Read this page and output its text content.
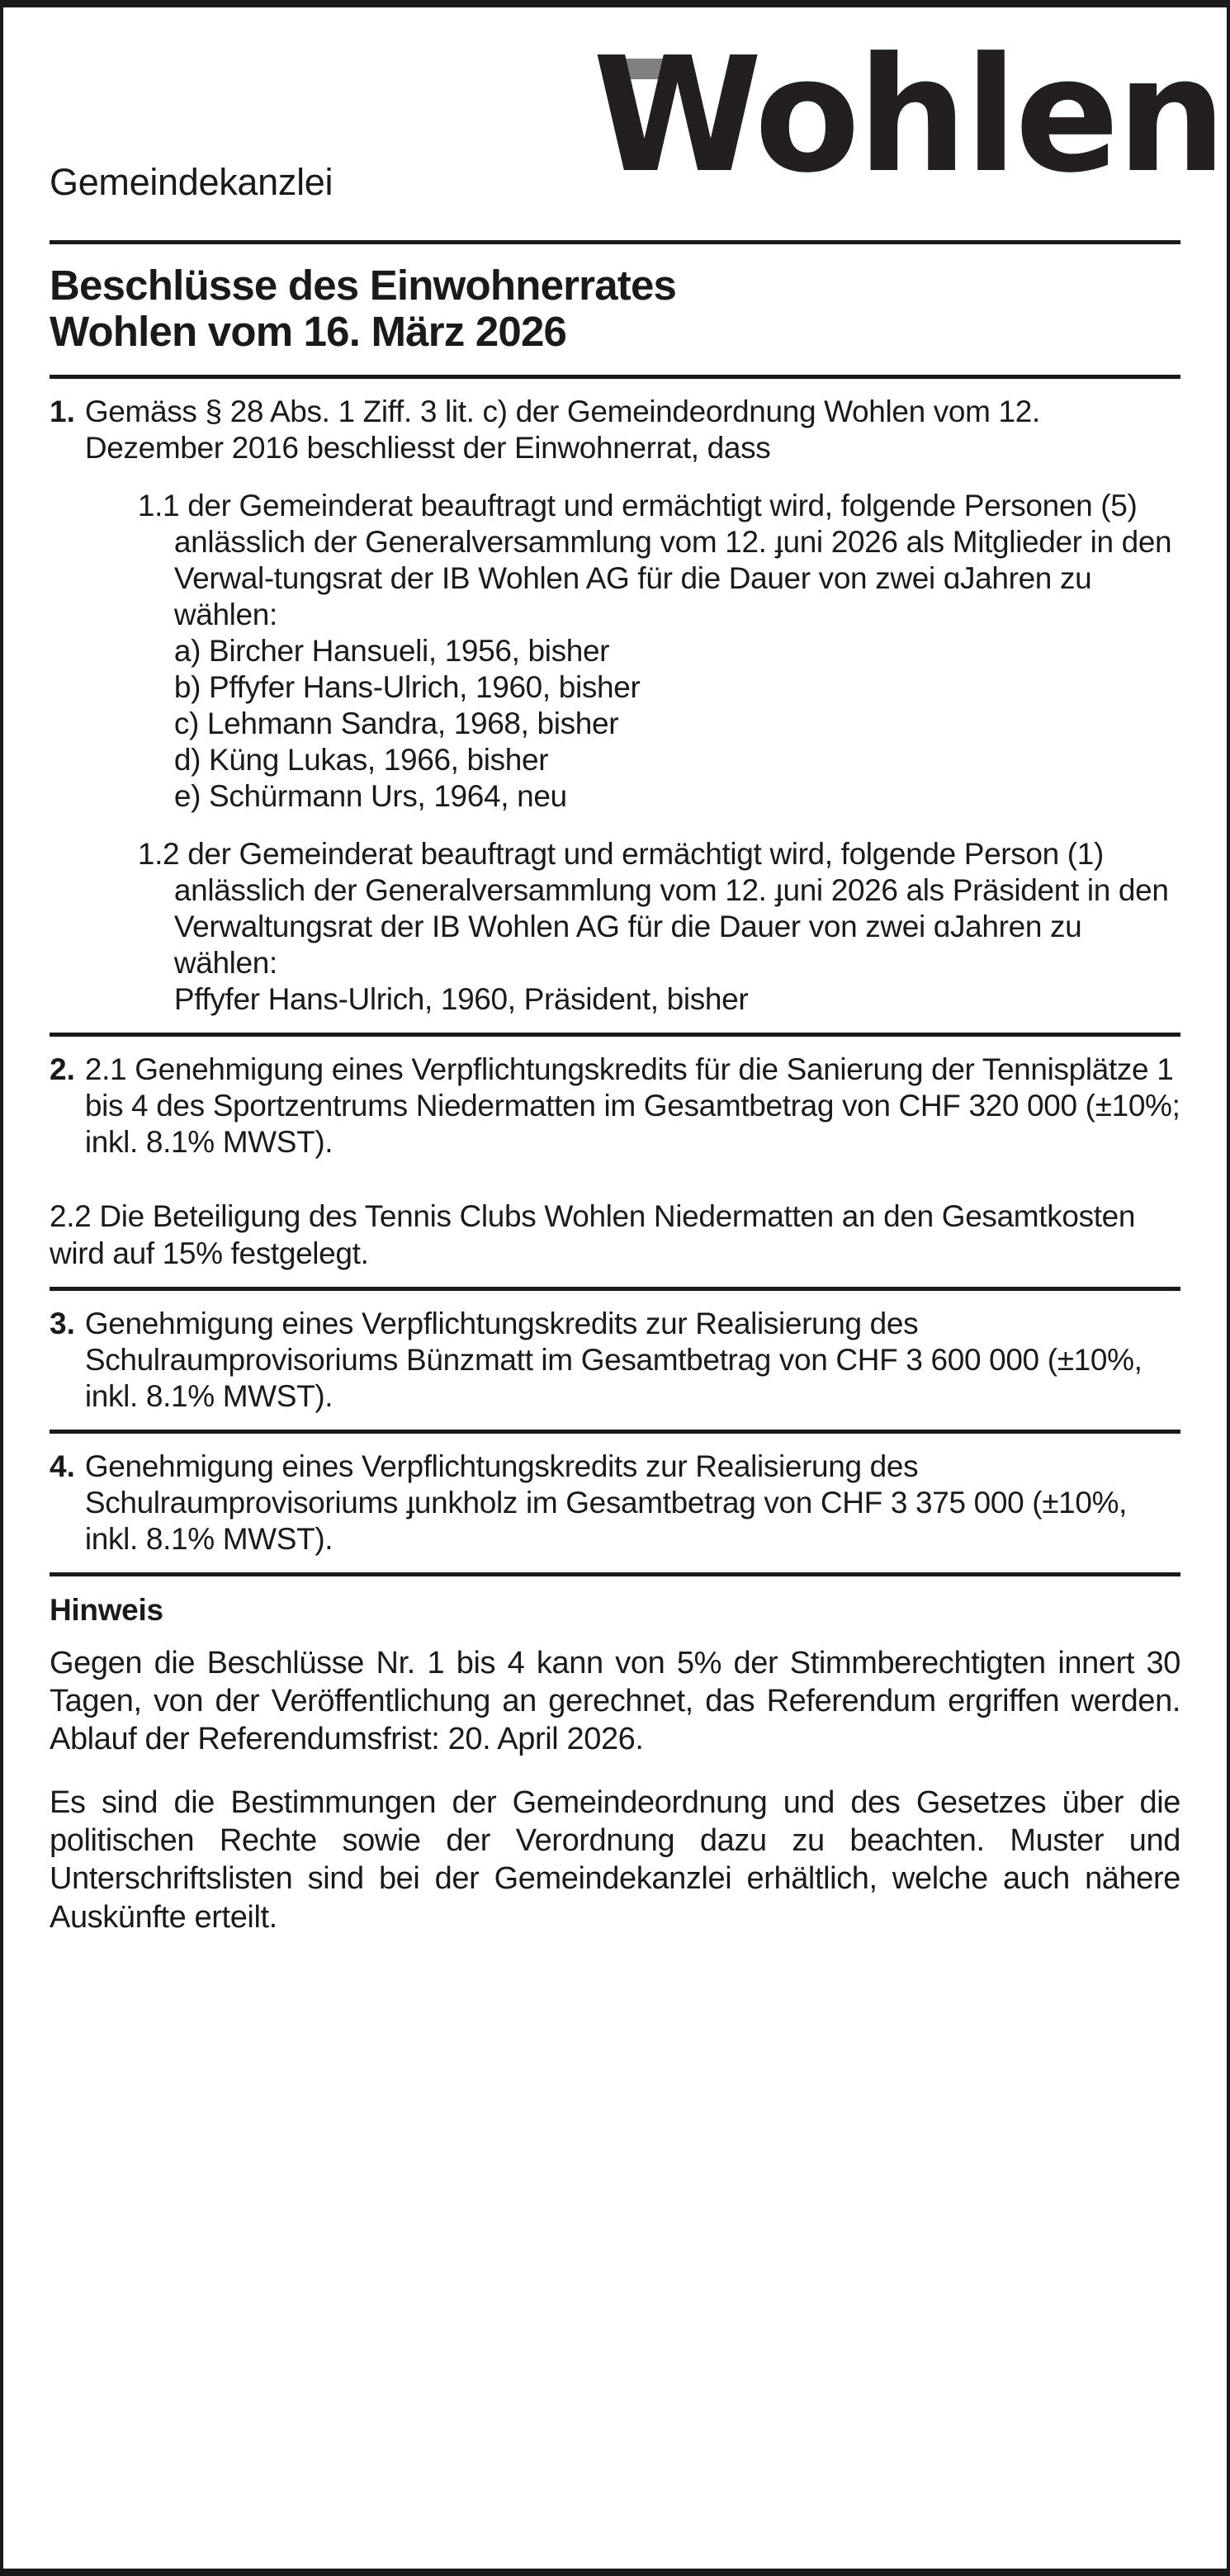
Gemeindekanzlei Wohlen
Beschlüsse des Einwohnerrates
Wohlen vom 16. März 2026
1. Gemäss § 28 Abs. 1 Ziff. 3 lit. c) der Gemeindeordnung Wohlen vom 12. Dezember 2016 beschliesst der Einwohnerrat, dass

1.1 der Gemeinderat beauftragt und ermächtigt wird, folgende Personen (5) anlässlich der Generalversammlung vom 12. ɟuni 2026 als Mitglieder in den Verwal-tungsrat der IB Wohlen AG für die Dauer von zwei ɑJahren zu wählen:

a) Bircher Hansueli, 1956, bisher

b) Pffyfer Hans-Ulrich, 1960, bisher

c) Lehmann Sandra, 1968, bisher

d) Küng Lukas, 1966, bisher

e) Schürmann Urs, 1964, neu

1.2 der Gemeinderat beauftragt und ermächtigt wird, folgende Person (1) anlässlich der Generalversammlung vom 12. ɟuni 2026 als Präsident in den Verwaltungsrat der IB Wohlen AG für die Dauer von zwei ɑJahren zu wählen:

Pffyfer Hans-Ulrich, 1960, Präsident, bisher

2. 2.1 Genehmigung eines Verpflichtungskredits für die Sanierung der Tennisplätze 1 bis 4 des Sportzentrums Niedermatten im Gesamtbetrag von CHF 320 000 (±10%; inkl. 8.1% MWST).

2.2 Die Beteiligung des Tennis Clubs Wohlen Niedermatten an den Gesamtkosten wird auf 15% festgelegt.

3. Genehmigung eines Verpflichtungskredits zur Realisierung des Schulraumprovisoriums Bünzmatt im Gesamtbetrag von CHF 3 600 000 (±10%, inkl. 8.1% MWST).

4. Genehmigung eines Verpflichtungskredits zur Realisierung des Schulraumprovisoriums ɟunkholz im Gesamtbetrag von CHF 3 375 000 (±10%, inkl. 8.1% MWST).

Hinweis

Gegen die Beschlüsse Nr. 1 bis 4 kann von 5% der Stimmberechtigten innert 30 Tagen, von der Veröffentlichung an gerechnet, das Referendum ergriffen werden. Ablauf der Referendumsfrist: 20. April 2026.

Es sind die Bestimmungen der Gemeindeordnung und des Gesetzes über die politischen Rechte sowie der Verordnung dazu zu beachten. Muster und Unterschriftslisten sind bei der Gemeindekanzlei erhältlich, welche auch nähere Auskünfte erteilt.
